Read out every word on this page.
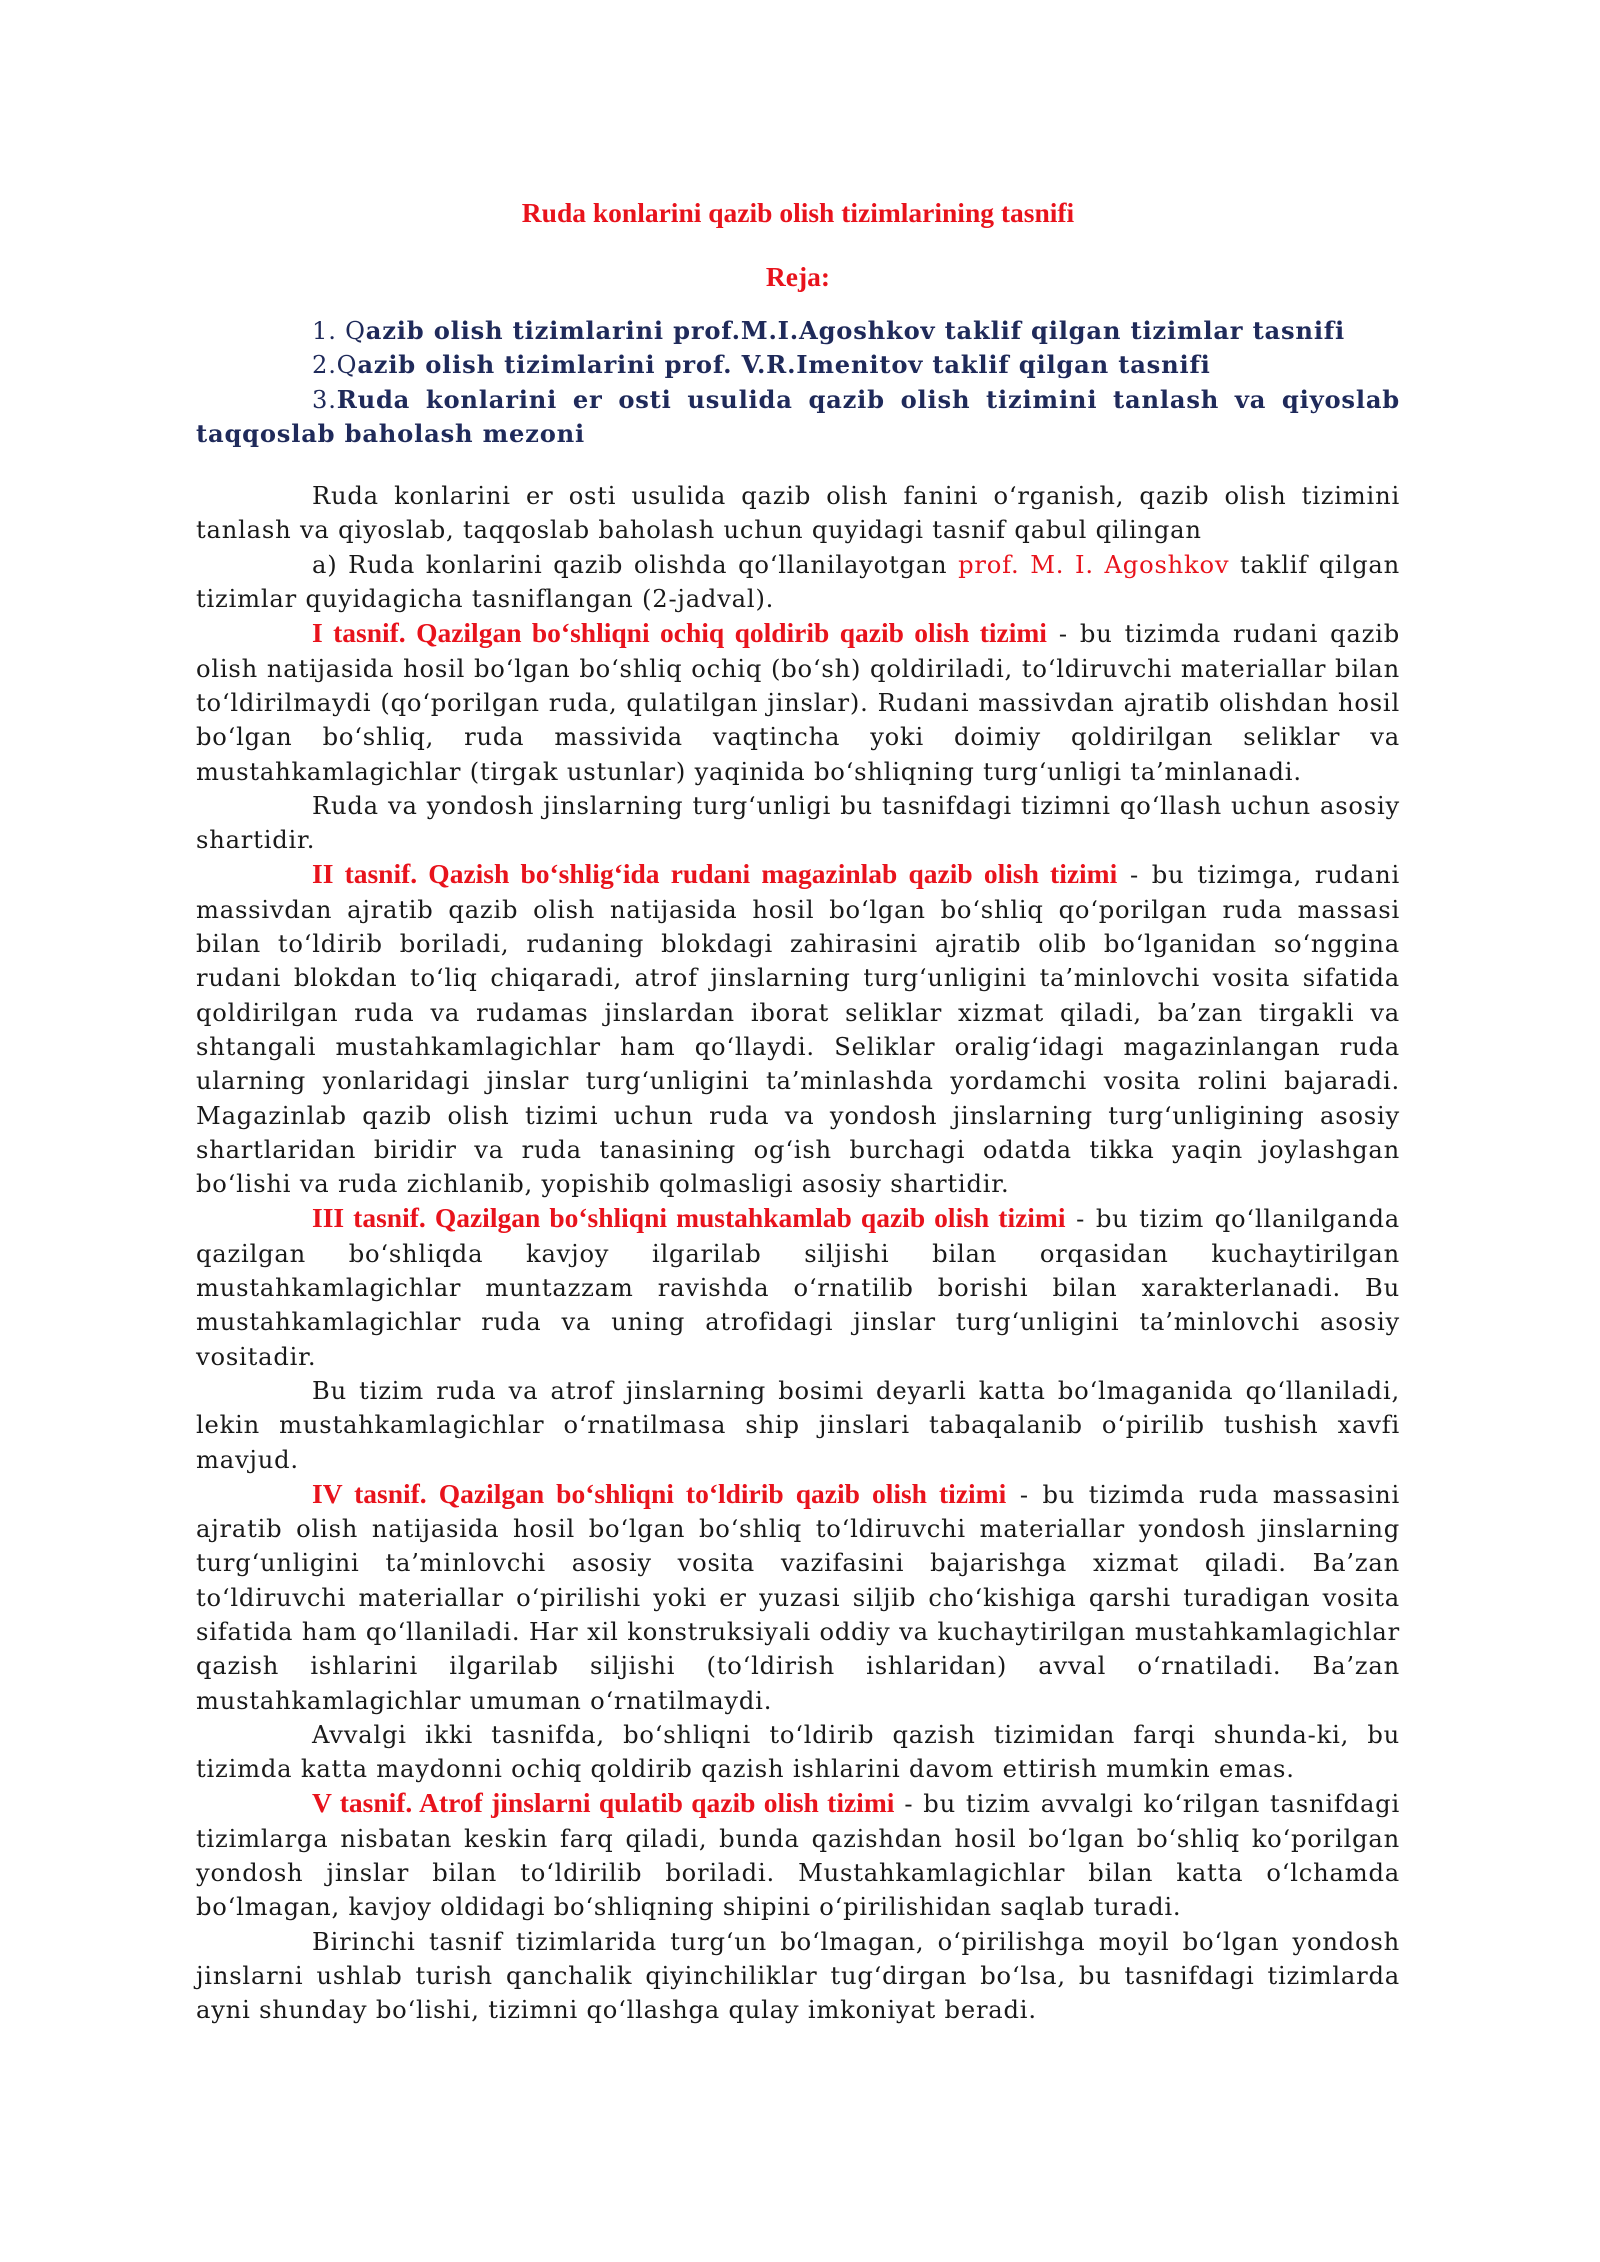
Ruda konlarini qazib olish tizimlarining tasnifi

Reja:

1. Qazib olish tizimlarini prof.M.I.Agoshkov taklif qilgan tizimlar tasnifi

2.Qazib olish tizimlarini prof. V.R.Imenitov taklif qilgan tasnifi

3.Ruda konlarini er osti usulida qazib olish tizimini tanlash va qiyoslab taqqoslab baholash mezoni

Ruda konlarini er osti usulida qazib olish fanini o‘rganish, qazib olish tizimini tanlash va qiyoslab, taqqoslab baholash uchun quyidagi tasnif qabul qilingan

a) Ruda konlarini qazib olishda qo‘llanilayotgan prof. M. I. Agoshkov taklif qilgan tizimlar quyidagicha tasniflangan (2-jadval).

I tasnif. Qazilgan bo‘shliqni ochiq qoldirib qazib olish tizimi - bu tizimda rudani qazib olish natijasida hosil bo‘lgan bo‘shliq ochiq (bo‘sh) qoldiriladi, to‘ldiruvchi materiallar bilan to‘ldirilmaydi (qo‘porilgan ruda, qulatilgan jinslar). Rudani massivdan ajratib olishdan hosil bo‘lgan bo‘shliq, ruda massivida vaqtincha yoki doimiy qoldirilgan seliklar va mustahkamlagichlar (tirgak ustunlar) yaqinida bo‘shliqning turg‘unligi ta’minlanadi.

Ruda va yondosh jinslarning turg‘unligi bu tasnifdagi tizimni qo‘llash uchun asosiy shartidir.

II tasnif. Qazish bo‘shlig‘ida rudani magazinlab qazib olish tizimi - bu tizimga, rudani massivdan ajratib qazib olish natijasida hosil bo‘lgan bo‘shliq qo‘porilgan ruda massasi bilan to‘ldirib boriladi, rudaning blokdagi zahirasini ajratib olib bo‘lganidan so‘nggina rudani blokdan to‘liq chiqaradi, atrof jinslarning turg‘unligini ta’minlovchi vosita sifatida qoldirilgan ruda va rudamas jinslardan iborat seliklar xizmat qiladi, ba’zan tirgakli va shtangali mustahkamlagichlar ham qo‘llaydi. Seliklar oralig‘idagi magazinlangan ruda ularning yonlaridagi jinslar turg‘unligini ta’minlashda yordamchi vosita rolini bajaradi. Magazinlab qazib olish tizimi uchun ruda va yondosh jinslarning turg‘unligining asosiy shartlaridan biridir va ruda tanasining og‘ish burchagi odatda tikka yaqin joylashgan bo‘lishi va ruda zichlanib, yopishib qolmasligi asosiy shartidir.

III tasnif. Qazilgan bo‘shliqni mustahkamlab qazib olish tizimi - bu tizim qo‘llanilganda qazilgan bo‘shliqda kavjoy ilgarilab siljishi bilan orqasidan kuchaytirilgan mustahkamlagichlar muntazzam ravishda o‘rnatilib borishi bilan xarakterlanadi. Bu mustahkamlagichlar ruda va uning atrofidagi jinslar turg‘unligini ta’minlovchi asosiy vositadir.

Bu tizim ruda va atrof jinslarning bosimi deyarli katta bo‘lmaganida qo‘llaniladi, lekin mustahkamlagichlar o‘rnatilmasa ship jinslari tabaqalanib o‘pirilib tushish xavfi mavjud.

IV tasnif. Qazilgan bo‘shliqni to‘ldirib qazib olish tizimi - bu tizimda ruda massasini ajratib olish natijasida hosil bo‘lgan bo‘shliq to‘ldiruvchi materiallar yondosh jinslarning turg‘unligini ta’minlovchi asosiy vosita vazifasini bajarishga xizmat qiladi. Ba’zan to‘ldiruvchi materiallar o‘pirilishi yoki er yuzasi siljib cho‘kishiga qarshi turadigan vosita sifatida ham qo‘llaniladi. Har xil konstruksiyali oddiy va kuchaytirilgan mustahkamlagichlar qazish ishlarini ilgarilab siljishi (to‘ldirish ishlaridan) avval o‘rnatiladi. Ba’zan mustahkamlagichlar umuman o‘rnatilmaydi.

Avvalgi ikki tasnifda, bo‘shliqni to‘ldirib qazish tizimidan farqi shunda-ki, bu tizimda katta maydonni ochiq qoldirib qazish ishlarini davom ettirish mumkin emas.

V tasnif. Atrof jinslarni qulatib qazib olish tizimi - bu tizim avvalgi ko‘rilgan tasnifdagi tizimlarga nisbatan keskin farq qiladi, bunda qazishdan hosil bo‘lgan bo‘shliq ko‘porilgan yondosh jinslar bilan to‘ldirilib boriladi. Mustahkamlagichlar bilan katta o‘lchamda bo‘lmagan, kavjoy oldidagi bo‘shliqning shipini o‘pirilishidan saqlab turadi.

Birinchi tasnif tizimlarida turg‘un bo‘lmagan, o‘pirilishga moyil bo‘lgan yondosh jinslarni ushlab turish qanchalik qiyinchiliklar tug‘dirgan bo‘lsa, bu tasnifdagi tizimlarda ayni shunday bo‘lishi, tizimni qo‘llashga qulay imkoniyat beradi.
